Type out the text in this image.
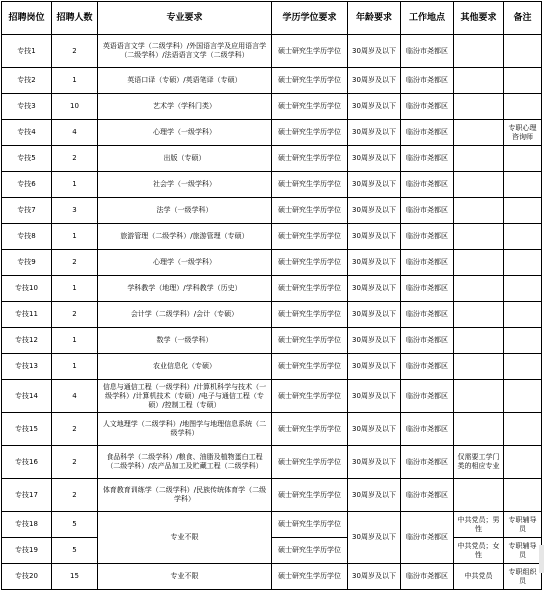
招聘岗位	招聘人数	专业要求	学历学位要求	年龄要求	工作地点	其他要求	备注
专技1	2	英语语言文学（二级学科）/外国语言学及应用语言学（二级学科）/法语语言文学（二级学科）	硕士研究生学历学位	30周岁及以下	临汾市尧都区		
专技2	1	英语口译（专硕）/英语笔译（专硕）	硕士研究生学历学位	30周岁及以下	临汾市尧都区		
专技3	10	艺术学（学科门类）	硕士研究生学历学位	30周岁及以下	临汾市尧都区		
专技4	4	心理学（一级学科）	硕士研究生学历学位	30周岁及以下	临汾市尧都区		专职心理咨询师
专技5	2	出版（专硕）	硕士研究生学历学位	30周岁及以下	临汾市尧都区		
专技6	1	社会学（一级学科）	硕士研究生学历学位	30周岁及以下	临汾市尧都区		
专技7	3	法学（一级学科）	硕士研究生学历学位	30周岁及以下	临汾市尧都区		
专技8	1	旅游管理（二级学科）/旅游管理（专硕）	硕士研究生学历学位	30周岁及以下	临汾市尧都区		
专技9	2	心理学（一级学科）	硕士研究生学历学位	30周岁及以下	临汾市尧都区		
专技10	1	学科教学（地理）/学科教学（历史）	硕士研究生学历学位	30周岁及以下	临汾市尧都区		
专技11	2	会计学（二级学科）/会计（专硕）	硕士研究生学历学位	30周岁及以下	临汾市尧都区		
专技12	1	数学（一级学科）	硕士研究生学历学位	30周岁及以下	临汾市尧都区		
专技13	1	农业信息化（专硕）	硕士研究生学历学位	30周岁及以下	临汾市尧都区		
专技14	4	信息与通信工程（一级学科）/计算机科学与技术（一级学科）/计算机技术（专硕）/电子与通信工程（专硕）/控制工程（专硕）	硕士研究生学历学位	30周岁及以下	临汾市尧都区		
专技15	2	人文地理学（二级学科）/地图学与地理信息系统（二级学科）	硕士研究生学历学位	30周岁及以下	临汾市尧都区		
专技16	2	食品科学（二级学科）/粮食、油脂及植物蛋白工程（二级学科）/农产品加工及贮藏工程（二级学科）	硕士研究生学历学位	30周岁及以下	临汾市尧都区	仅需要工学门类的相应专业	
专技17	2	体育教育训练学（二级学科）/民族传统体育学（二级学科）	硕士研究生学历学位	30周岁及以下	临汾市尧都区		
专技18	5	专业不限	硕士研究生学历学位	30周岁及以下	临汾市尧都区	中共党员；男性	专职辅导员
专技19	5		硕士研究生学历学位			中共党员；女性	专职辅导员
专技20	15	专业不限	硕士研究生学历学位	30周岁及以下	临汾市尧都区	中共党员	专职组织员
